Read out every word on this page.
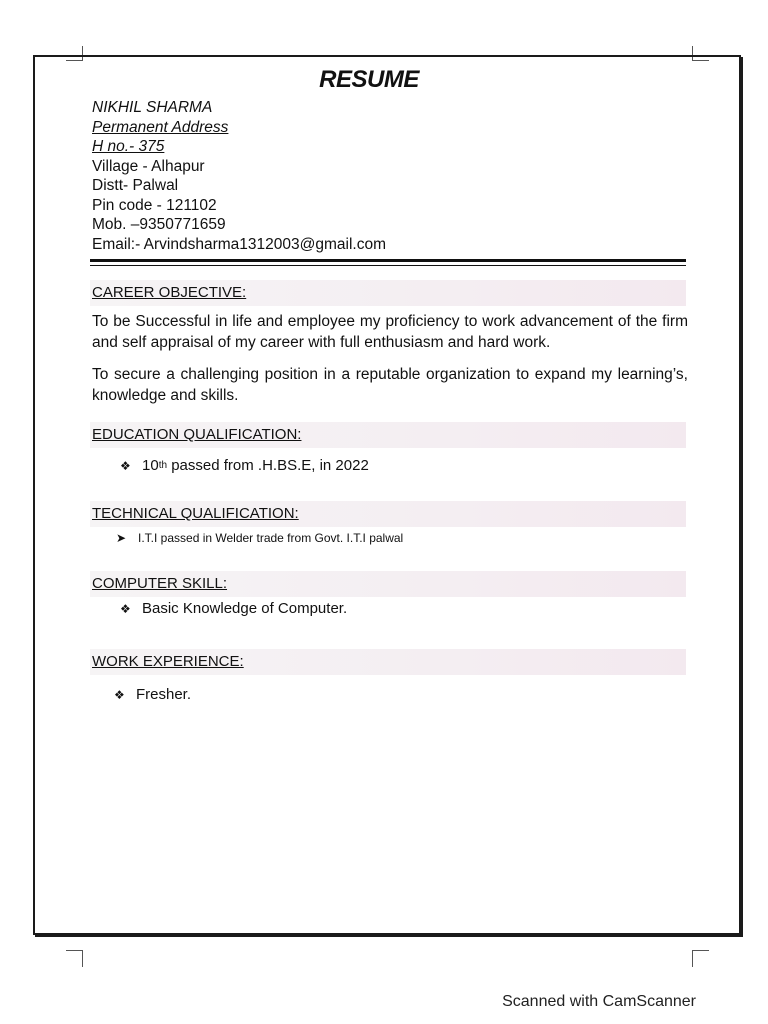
RESUME
NIKHIL SHARMA
Permanent Address
H no.- 375
Village - Alhapur
Distt- Palwal
Pin code - 121102
Mob. –9350771659
Email:- Arvindsharma1312003@gmail.com
CAREER OBJECTIVE:
To be Successful in life and employee my proficiency to work advancement of the firm and self appraisal of my career with full enthusiasm and hard work.
To secure a challenging position in a reputable organization to expand my learning’s, knowledge and skills.
EDUCATION QUALIFICATION:
❖ 10th passed from .H.BS.E, in 2022
TECHNICAL QUALIFICATION:
➤ I.T.I passed in Welder trade from Govt. I.T.I palwal
COMPUTER SKILL:
❖ Basic Knowledge of Computer.
WORK EXPERIENCE:
❖ Fresher.
Scanned with CamScanner
